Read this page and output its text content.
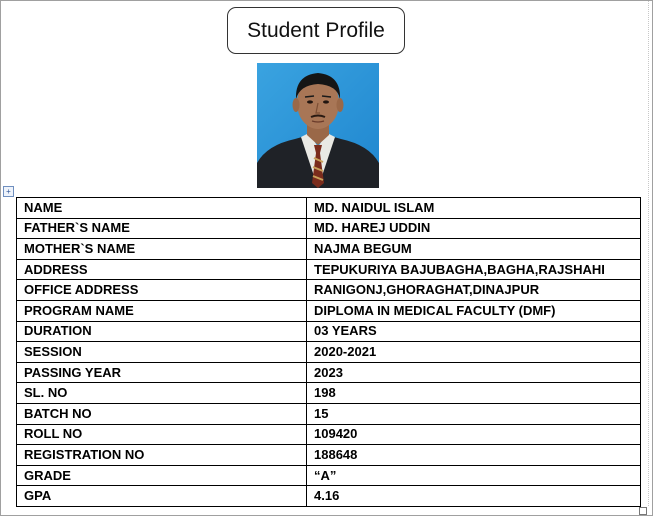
Student Profile
+
NAME	MD. NAIDUL ISLAM
FATHER`S NAME	MD. HAREJ UDDIN
MOTHER`S NAME	NAJMA BEGUM
ADDRESS	TEPUKURIYA BAJUBAGHA,BAGHA,RAJSHAHI
OFFICE ADDRESS	RANIGONJ,GHORAGHAT,DINAJPUR
PROGRAM NAME	DIPLOMA IN MEDICAL FACULTY (DMF)
DURATION	03 YEARS
SESSION	2020-2021
PASSING YEAR	2023
SL. NO	198
BATCH NO	15
ROLL NO	109420
REGISTRATION NO	188648
GRADE	“A”
GPA	4.16
